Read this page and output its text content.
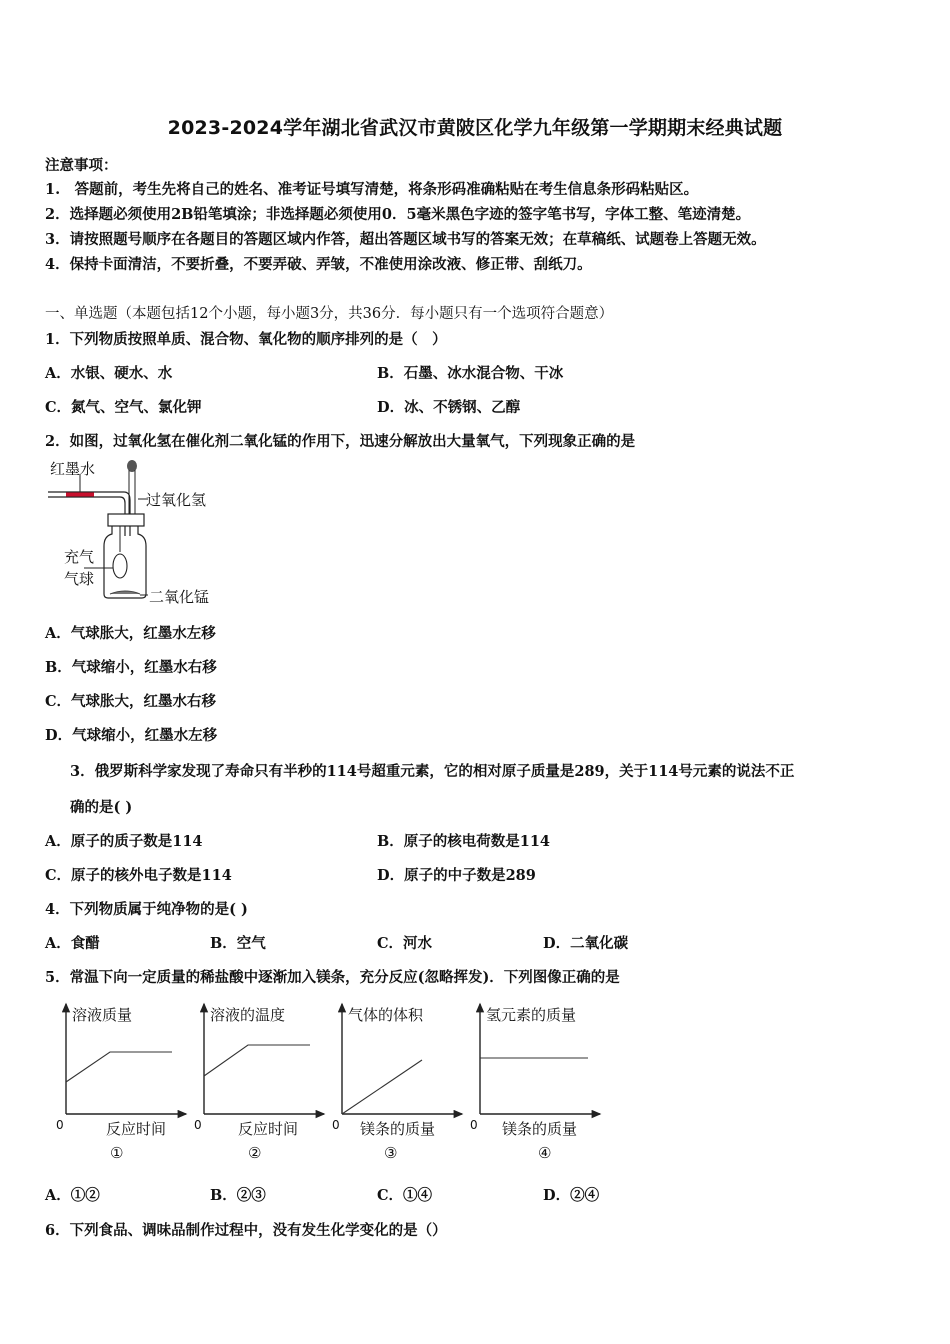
2023-2024学年湖北省武汉市黄陂区化学九年级第一学期期末经典试题
注意事项：
1.　答题前，考生先将自己的姓名、准考证号填写清楚，将条形码准确粘贴在考生信息条形码粘贴区。
2．选择题必须使用2B铅笔填涂；非选择题必须使用0．5毫米黑色字迹的签字笔书写，字体工整、笔迹清楚。
3．请按照题号顺序在各题目的答题区域内作答，超出答题区域书写的答案无效；在草稿纸、试题卷上答题无效。
4．保持卡面清洁，不要折叠，不要弄破、弄皱，不准使用涂改液、修正带、刮纸刀。
一、单选题（本题包括12个小题，每小题3分，共36分．每小题只有一个选项符合题意）
1．下列物质按照单质、混合物、氧化物的顺序排列的是（　）
A．水银、硬水、水	B．石墨、冰水混合物、干冰
C．氮气、空气、氯化钾	D．冰、不锈钢、乙醇
2．如图，过氧化氢在催化剂二氧化锰的作用下，迅速分解放出大量氧气，下列现象正确的是
红墨水
过氧化氢
充气
气球
二氧化锰
A．气球胀大，红墨水左移
B．气球缩小，红墨水右移
C．气球胀大，红墨水右移
D．气球缩小，红墨水左移
3．俄罗斯科学家发现了寿命只有半秒的114号超重元素，它的相对原子质量是289，关于114号元素的说法不正
确的是( )
A．原子的质子数是114	B．原子的核电荷数是114
C．原子的核外电子数是114	D．原子的中子数是289
4．下列物质属于纯净物的是( )
A．食醋	B．空气	C．河水	D．二氧化碳
5．常温下向一定质量的稀盐酸中逐渐加入镁条，充分反应(忽略挥发)．下列图像正确的是
溶液质量
0	反应时间
①
溶液的温度
0 反应时间
②
气体的体积
0 镁条的质量
③
氢元素的质量
0 镁条的质量
④
A．①②	B．②③	C．①④	D．②④
6．下列食品、调味品制作过程中，没有发生化学变化的是（）
